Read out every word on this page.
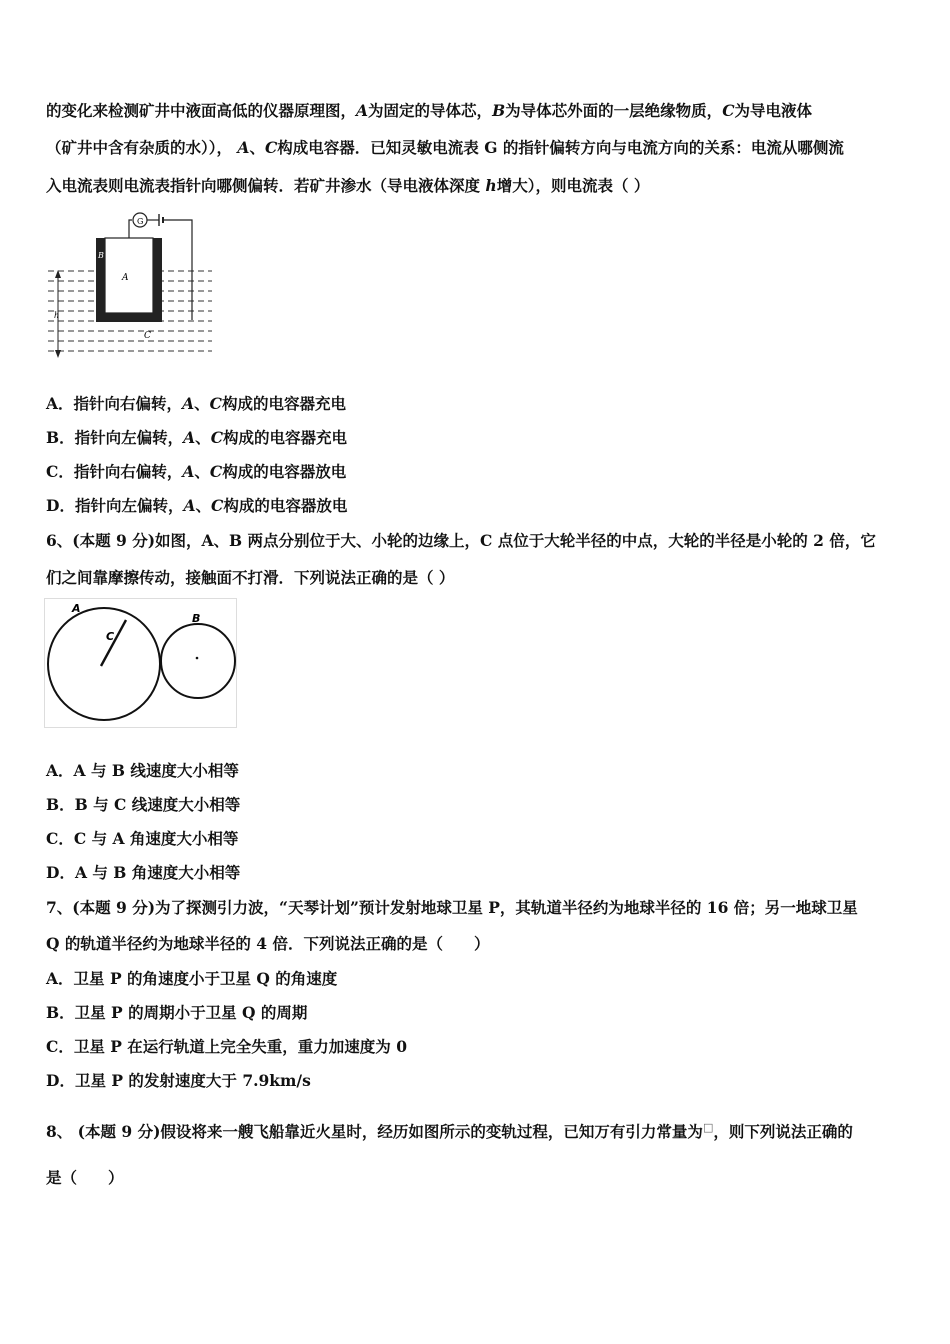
的变化来检测矿井中液面高低的仪器原理图，A为固定的导体芯，B为导体芯外面的一层绝缘物质，C为导电液体
（矿井中含有杂质的水））， A、C构成电容器．已知灵敏电流表 G 的指针偏转方向与电流方向的关系：电流从哪侧流
入电流表则电流表指针向哪侧偏转．若矿井渗水（导电液体深度 h增大），则电流表（ ）
G
A
B
C
h
A．指针向右偏转，A、C构成的电容器充电
B．指针向左偏转，A、C构成的电容器充电
C．指针向右偏转，A、C构成的电容器放电
D．指针向左偏转，A、C构成的电容器放电
6、(本题 9 分)如图，A、B 两点分别位于大、小轮的边缘上，C 点位于大轮半径的中点，大轮的半径是小轮的 2 倍，它
们之间靠摩擦传动，接触面不打滑．下列说法正确的是（ ）
A
B
C
A．A 与 B 线速度大小相等
B．B 与 C 线速度大小相等
C．C 与 A 角速度大小相等
D．A 与 B 角速度大小相等
7、(本题 9 分)为了探测引力波，“天琴计划”预计发射地球卫星 P，其轨道半径约为地球半径的 16 倍；另一地球卫星
Q 的轨道半径约为地球半径的 4 倍．下列说法正确的是（　　）
A．卫星 P 的角速度小于卫星 Q 的角速度
B．卫星 P 的周期小于卫星 Q 的周期
C．卫星 P 在运行轨道上完全失重，重力加速度为 0
D．卫星 P 的发射速度大于 7.9km/s
8、 (本题 9 分)假设将来一艘飞船靠近火星时，经历如图所示的变轨过程，已知万有引力常量为□，则下列说法正确的
是（　　）
